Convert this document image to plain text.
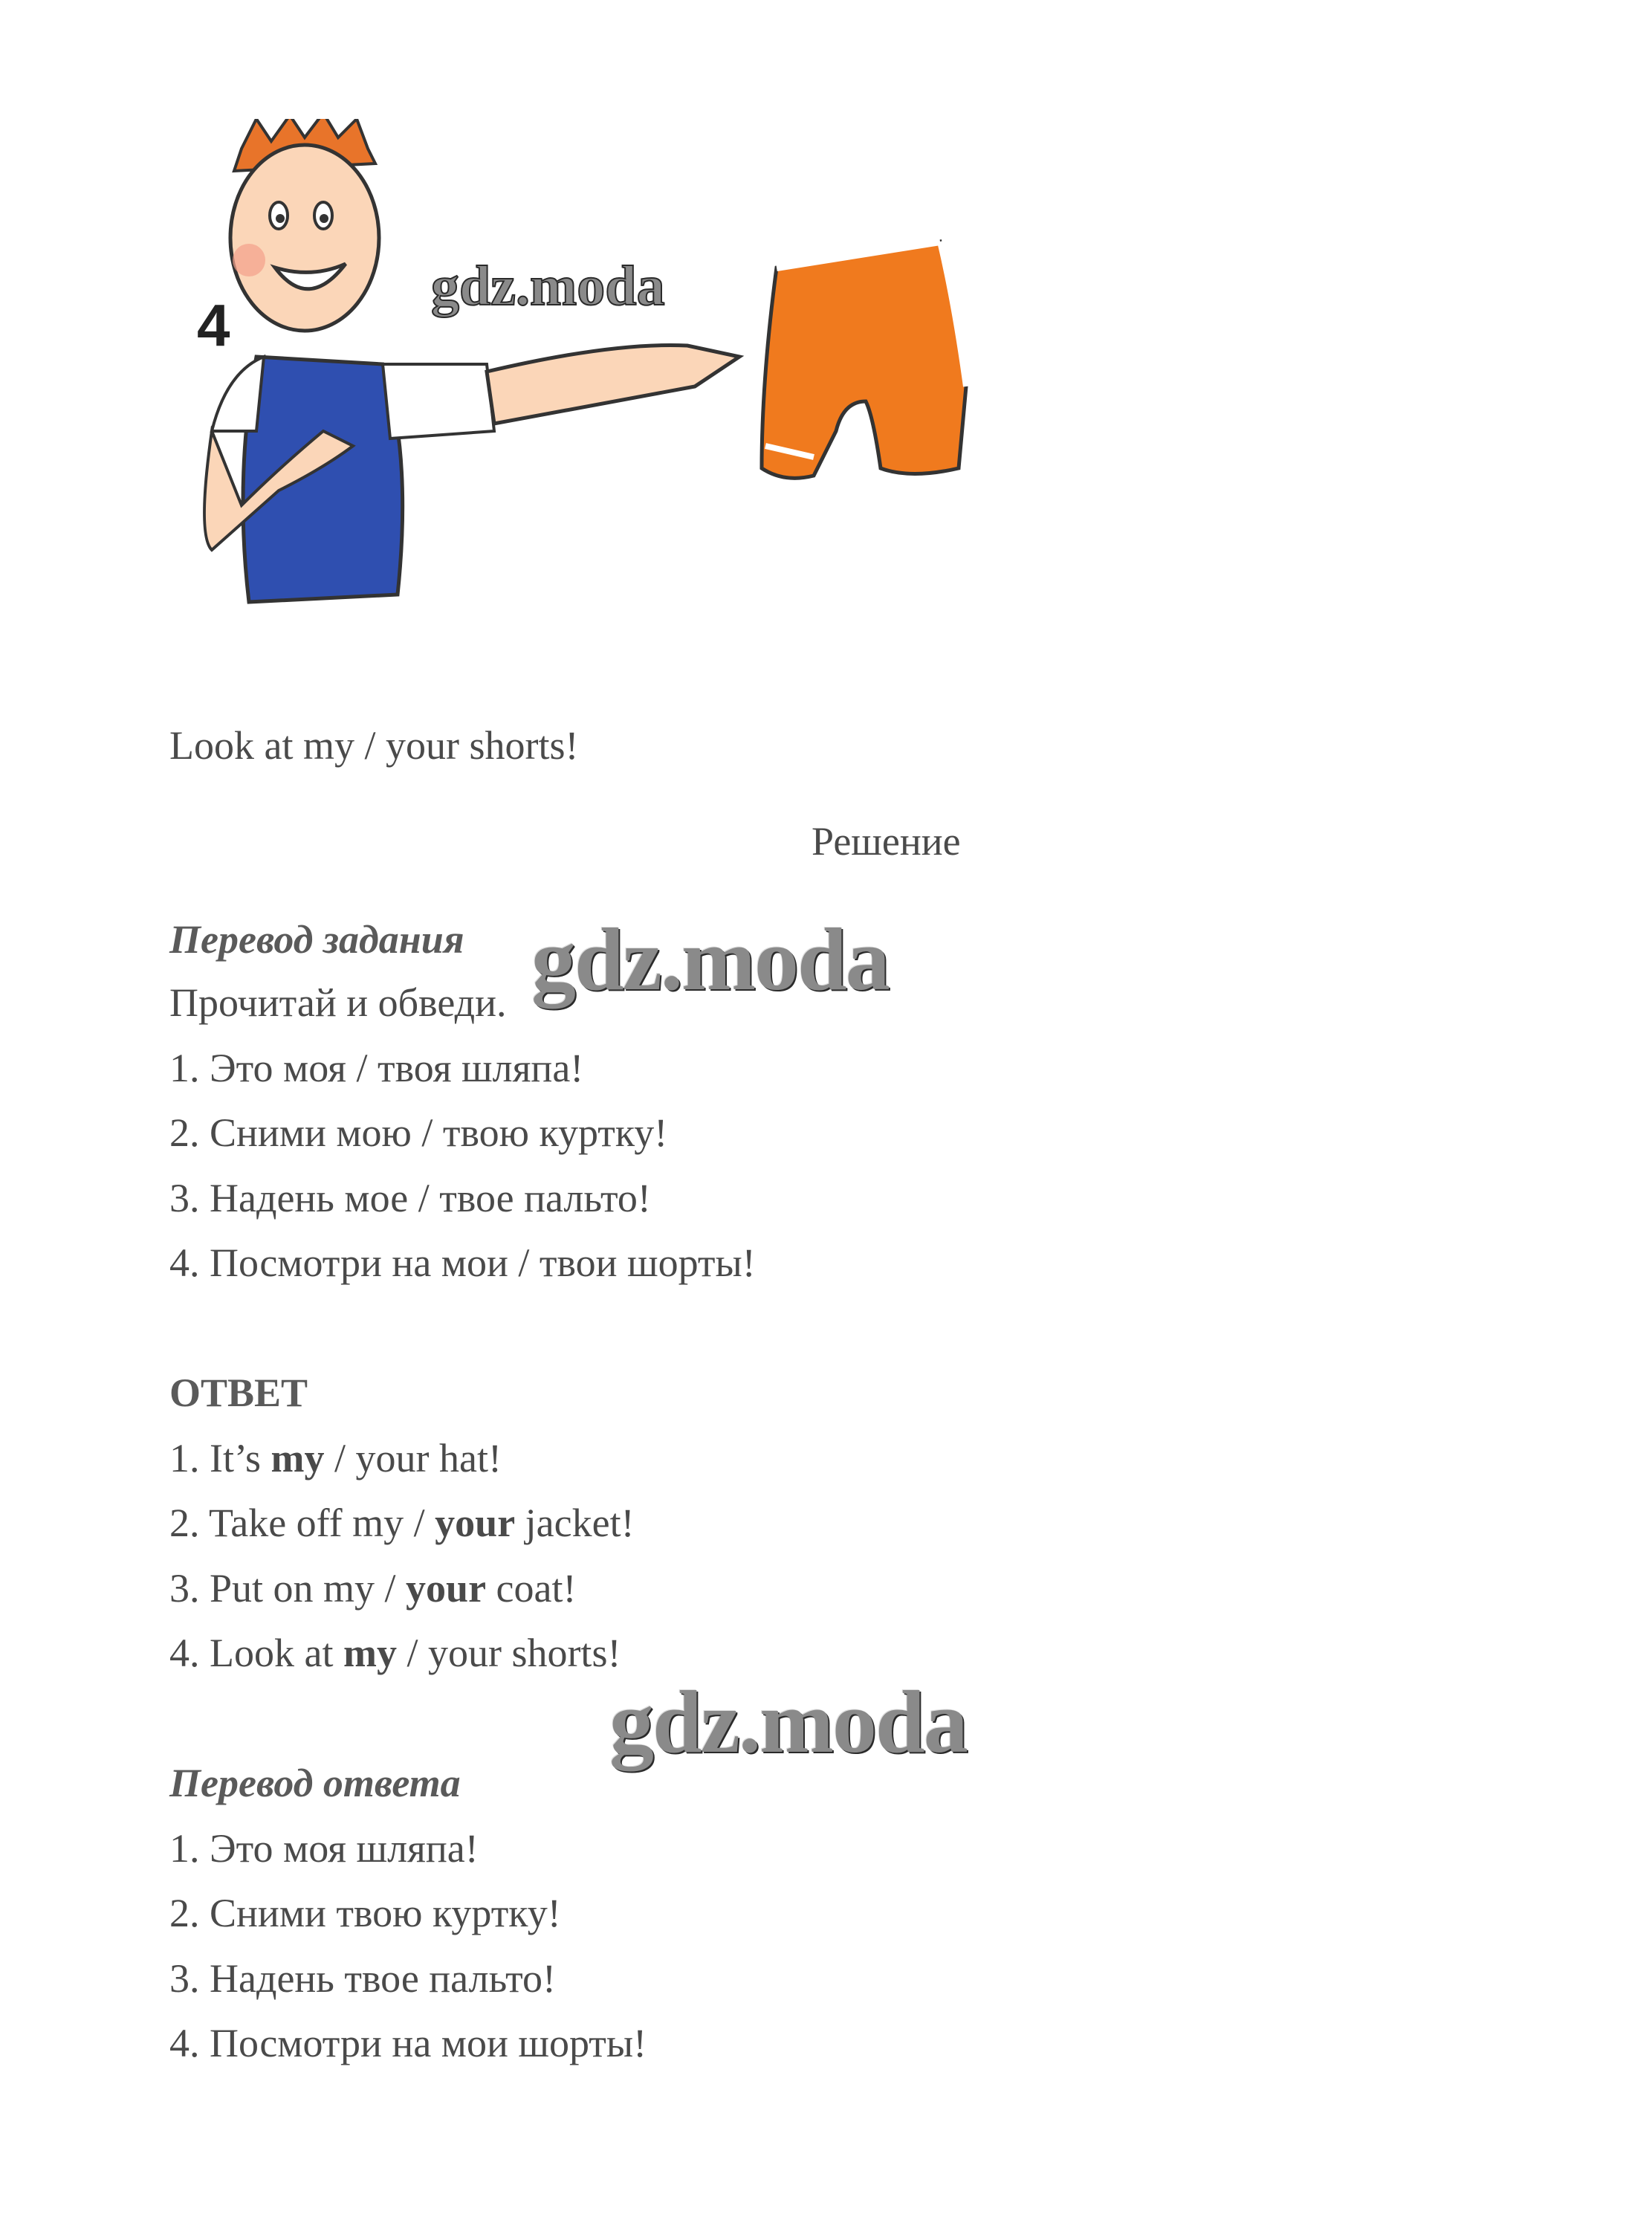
4
gdz.moda
Look at my / your shorts!
Решение
Перевод задания
Прочитай и обведи.
1. Это моя / твоя шляпа!
2. Сними мою / твою куртку!
3. Надень мое / твое пальто!
4. Посмотри на мои / твои шорты!
ОТВЕТ
1. It’s my / your hat!
2. Take off my / your jacket!
3. Put on my / your coat!
4. Look at my / your shorts!
Перевод ответа
1. Это моя шляпа!
2. Сними твою куртку!
3. Надень твое пальто!
4. Посмотри на мои шорты!
gdz.moda
gdz.moda
